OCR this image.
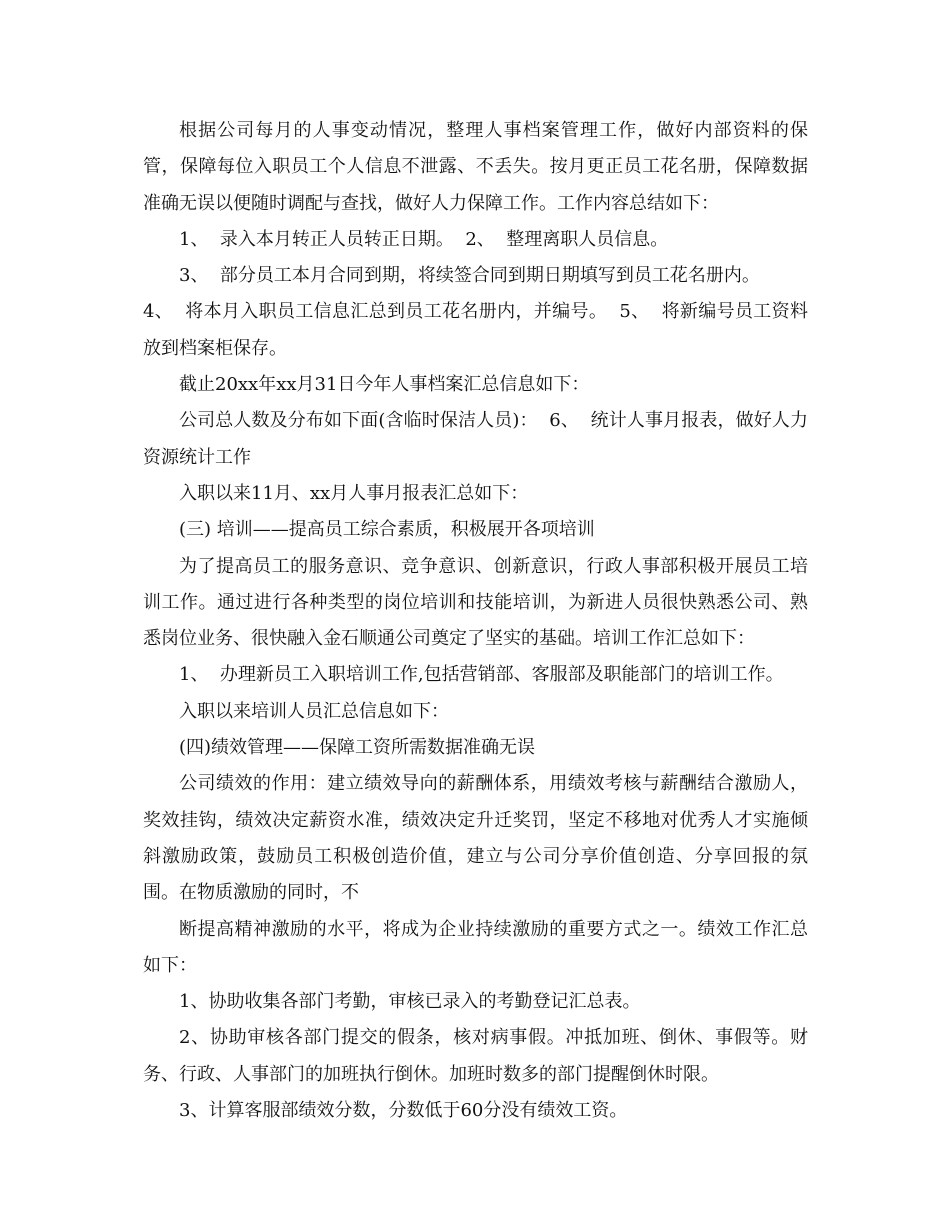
根据公司每月的人事变动情况，整理人事档案管理工作，做好内部资料的保管，保障每位入职员工个人信息不泄露、不丢失。按月更正员工花名册，保障数据准确无误以便随时调配与查找，做好人力保障工作。工作内容总结如下：

1、  录入本月转正人员转正日期。  2、  整理离职人员信息。

3、  部分员工本月合同到期，将续签合同到期日期填写到员工花名册内。

4、  将本月入职员工信息汇总到员工花名册内，并编号。  5、  将新编号员工资料放到档案柜保存。

截止20xx年xx月31日今年人事档案汇总信息如下：

公司总人数及分布如下面(含临时保洁人员)：  6、  统计人事月报表，做好人力资源统计工作

入职以来11月、xx月人事月报表汇总如下：

(三) 培训——提高员工综合素质，积极展开各项培训

为了提高员工的服务意识、竞争意识、创新意识，行政人事部积极开展员工培训工作。通过进行各种类型的岗位培训和技能培训，为新进人员很快熟悉公司、熟悉岗位业务、很快融入金石顺通公司奠定了坚实的基础。培训工作汇总如下：

1、  办理新员工入职培训工作,包括营销部、客服部及职能部门的培训工作。

入职以来培训人员汇总信息如下：

(四)绩效管理——保障工资所需数据准确无误

公司绩效的作用：建立绩效导向的薪酬体系，用绩效考核与薪酬结合激励人，奖效挂钩，绩效决定薪资水准，绩效决定升迁奖罚，坚定不移地对优秀人才实施倾斜激励政策，鼓励员工积极创造价值，建立与公司分享价值创造、分享回报的氛围。在物质激励的同时，不

断提高精神激励的水平，将成为企业持续激励的重要方式之一。绩效工作汇总如下：

1、协助收集各部门考勤，审核已录入的考勤登记汇总表。

2、协助审核各部门提交的假条，核对病事假。冲抵加班、倒休、事假等。财务、行政、人事部门的加班执行倒休。加班时数多的部门提醒倒休时限。

3、计算客服部绩效分数，分数低于60分没有绩效工资。
